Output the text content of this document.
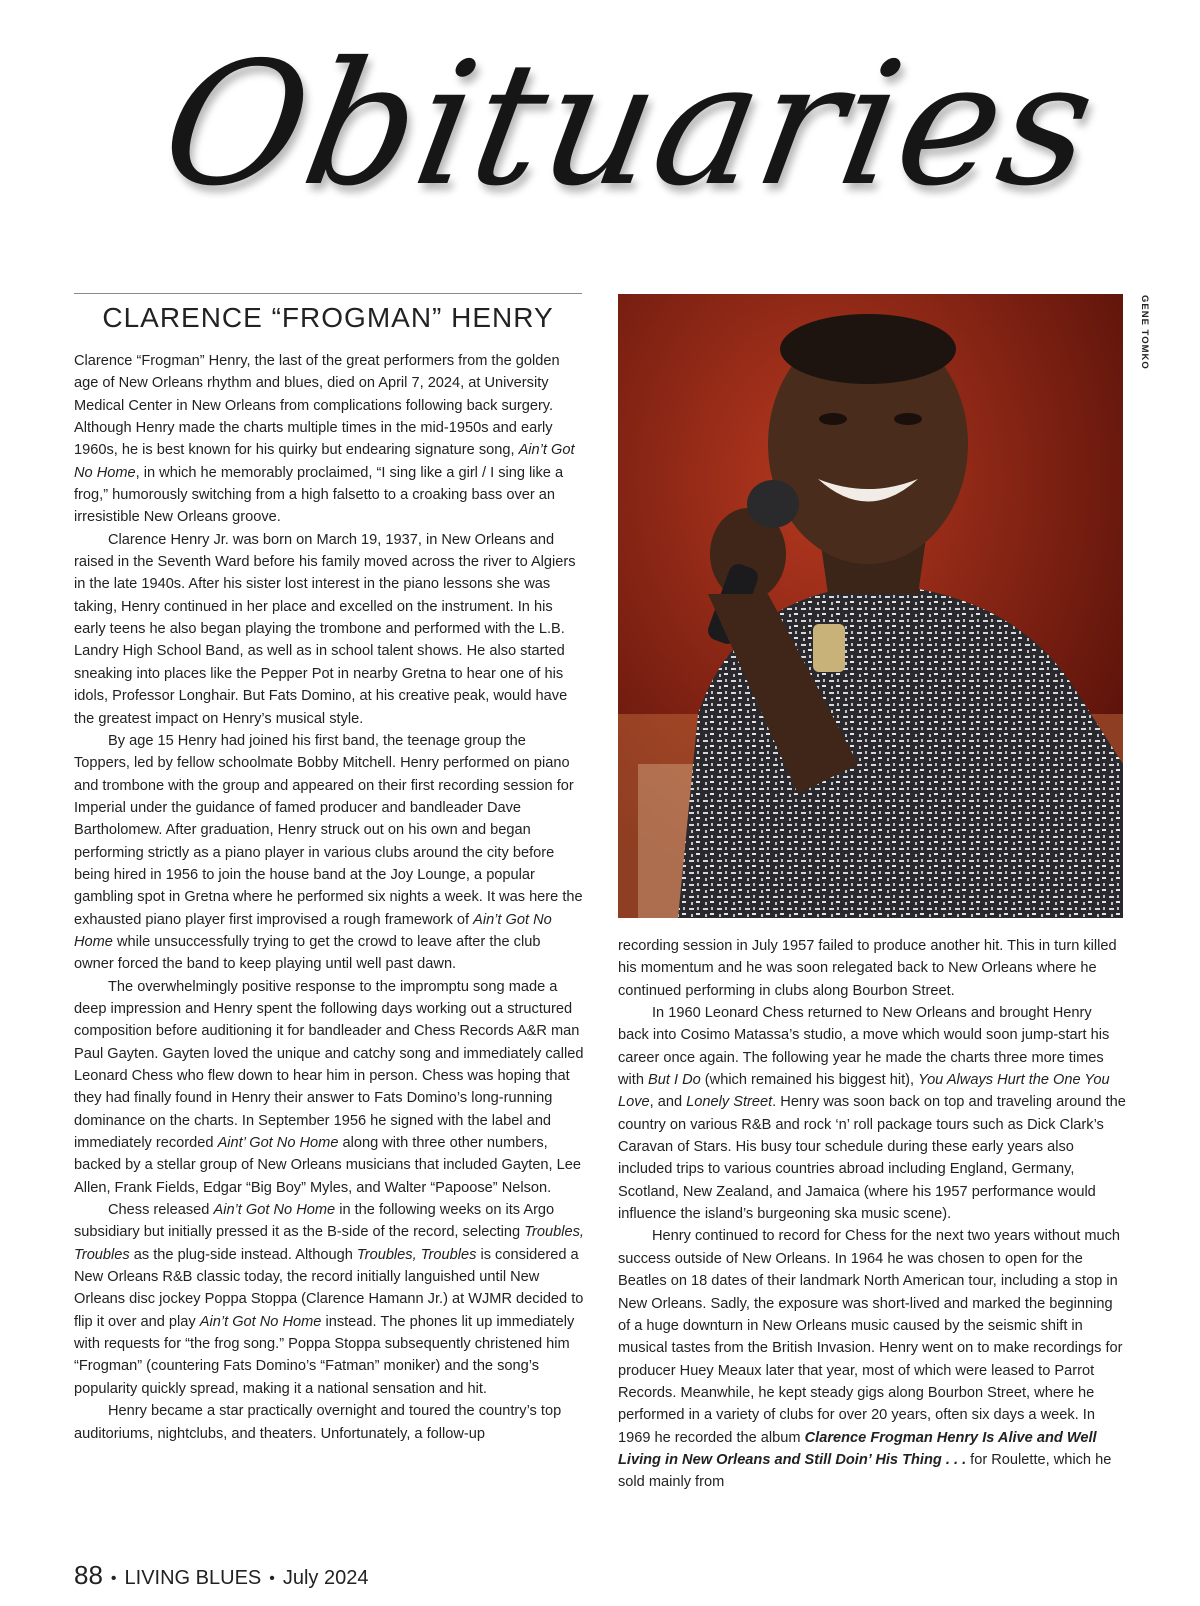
Obituaries
CLARENCE “FROGMAN” HENRY

Clarence “Frogman” Henry, the last of the great performers from the golden age of New Orleans rhythm and blues, died on April 7, 2024, at University Medical Center in New Orleans from complications following back surgery. Although Henry made the charts multiple times in the mid-1950s and early 1960s, he is best known for his quirky but endearing signature song, Ain’t Got No Home, in which he memorably proclaimed, “I sing like a girl / I sing like a frog,” humorously switching from a high falsetto to a croaking bass over an irresistible New Orleans groove.

Clarence Henry Jr. was born on March 19, 1937, in New Orleans and raised in the Seventh Ward before his family moved across the river to Algiers in the late 1940s. After his sister lost interest in the piano lessons she was taking, Henry continued in her place and excelled on the instrument. In his early teens he also began playing the trombone and performed with the L.B. Landry High School Band, as well as in school talent shows. He also started sneaking into places like the Pepper Pot in nearby Gretna to hear one of his idols, Professor Longhair. But Fats Domino, at his creative peak, would have the greatest impact on Henry’s musical style.

By age 15 Henry had joined his first band, the teenage group the Toppers, led by fellow schoolmate Bobby Mitchell. Henry performed on piano and trombone with the group and appeared on their first recording session for Imperial under the guidance of famed producer and bandleader Dave Bartholomew. After graduation, Henry struck out on his own and began performing strictly as a piano player in various clubs around the city before being hired in 1956 to join the house band at the Joy Lounge, a popular gambling spot in Gretna where he performed six nights a week. It was here the exhausted piano player first improvised a rough framework of Ain’t Got No Home while unsuccessfully trying to get the crowd to leave after the club owner forced the band to keep playing until well past dawn.

The overwhelmingly positive response to the impromptu song made a deep impression and Henry spent the following days working out a structured composition before auditioning it for bandleader and Chess Records A&R man Paul Gayten. Gayten loved the unique and catchy song and immediately called Leonard Chess who flew down to hear him in person. Chess was hoping that they had finally found in Henry their answer to Fats Domino’s long-running dominance on the charts. In September 1956 he signed with the label and immediately recorded Aint’ Got No Home along with three other numbers, backed by a stellar group of New Orleans musicians that included Gayten, Lee Allen, Frank Fields, Edgar “Big Boy” Myles, and Walter “Papoose” Nelson.

Chess released Ain’t Got No Home in the following weeks on its Argo subsidiary but initially pressed it as the B-side of the record, selecting Troubles, Troubles as the plug-side instead. Although Troubles, Troubles is considered a New Orleans R&B classic today, the record initially languished until New Orleans disc jockey Poppa Stoppa (Clarence Hamann Jr.) at WJMR decided to flip it over and play Ain’t Got No Home instead. The phones lit up immediately with requests for “the frog song.” Poppa Stoppa subsequently christened him “Frogman” (countering Fats Domino’s “Fatman” moniker) and the song’s popularity quickly spread, making it a national sensation and hit.

Henry became a star practically overnight and toured the country’s top auditoriums, nightclubs, and theaters. Unfortunately, a follow-up

GENE TOMKO

recording session in July 1957 failed to produce another hit. This in turn killed his momentum and he was soon relegated back to New Orleans where he continued performing in clubs along Bourbon Street.

In 1960 Leonard Chess returned to New Orleans and brought Henry back into Cosimo Matassa’s studio, a move which would soon jump-start his career once again. The following year he made the charts three more times with But I Do (which remained his biggest hit), You Always Hurt the One You Love, and Lonely Street. Henry was soon back on top and traveling around the country on various R&B and rock ‘n’ roll package tours such as Dick Clark’s Caravan of Stars. His busy tour schedule during these early years also included trips to various countries abroad including England, Germany, Scotland, New Zealand, and Jamaica (where his 1957 performance would influence the island’s burgeoning ska music scene).

Henry continued to record for Chess for the next two years without much success outside of New Orleans. In 1964 he was chosen to open for the Beatles on 18 dates of their landmark North American tour, including a stop in New Orleans. Sadly, the exposure was short-lived and marked the beginning of a huge downturn in New Orleans music caused by the seismic shift in musical tastes from the British Invasion. Henry went on to make recordings for producer Huey Meaux later that year, most of which were leased to Parrot Records. Meanwhile, he kept steady gigs along Bourbon Street, where he performed in a variety of clubs for over 20 years, often six days a week. In 1969 he recorded the album Clarence Frogman Henry Is Alive and Well Living in New Orleans and Still Doin’ His Thing . . . for Roulette, which he sold mainly from

88 • LIVING BLUES • July 2024
